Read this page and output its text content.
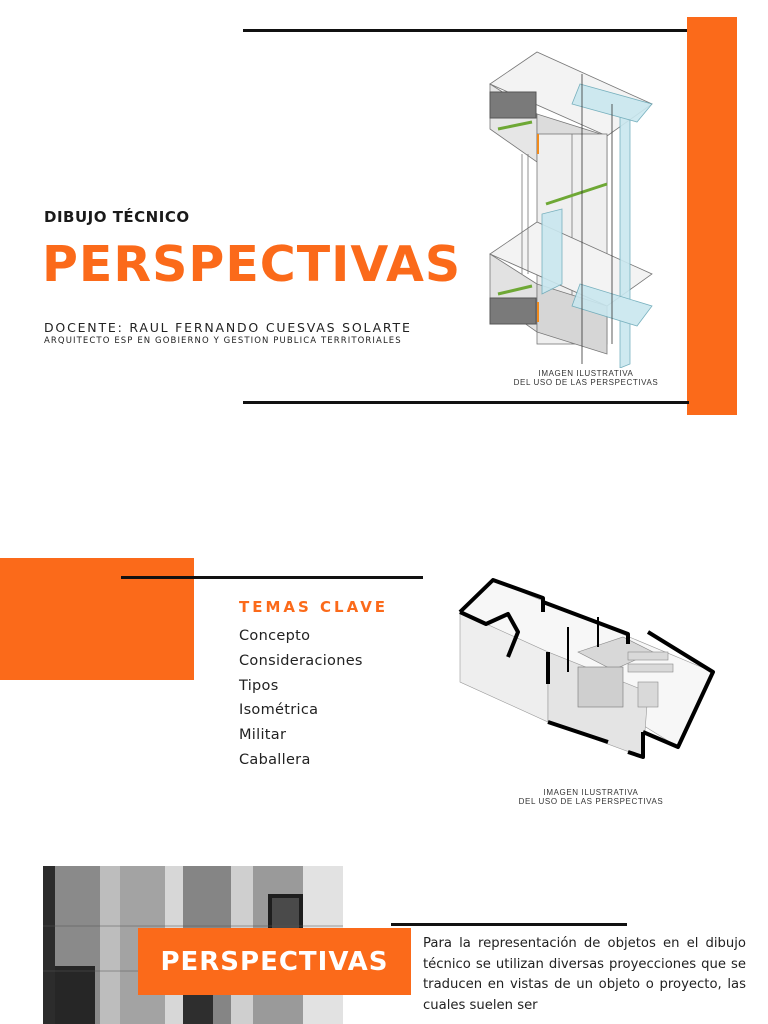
DIBUJO TÉCNICO
PERSPECTIVAS
DOCENTE: RAUL FERNANDO CUESVAS SOLARTE
ARQUITECTO ESP EN GOBIERNO Y GESTION PUBLICA TERRITORIALES
IMAGEN ILUSTRATIVA
DEL USO DE LAS PERSPECTIVAS
TEMAS CLAVE
Concepto
Consideraciones
Tipos
Isométrica
Militar
Caballera
IMAGEN ILUSTRATIVA
DEL USO DE LAS PERSPECTIVAS
PERSPECTIVAS
Para la representación de objetos en el dibujo técnico se utilizan diversas proyecciones que se traducen en vistas de un objeto o proyecto, las cuales suelen ser
